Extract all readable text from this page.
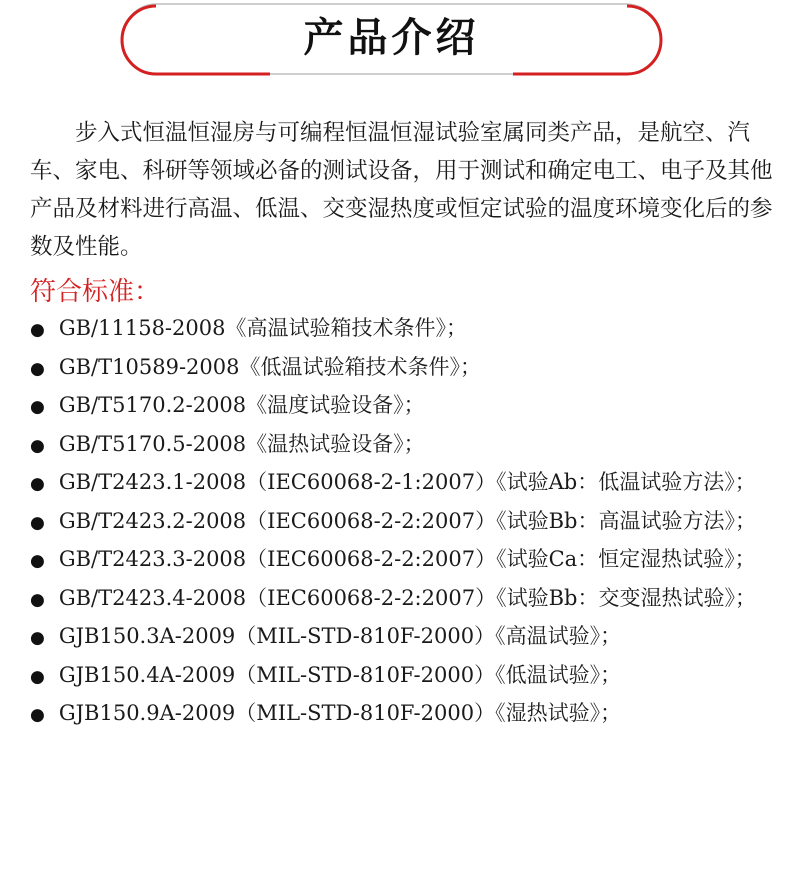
产品介绍

步入式恒温恒湿房与可编程恒温恒湿试验室属同类产品，是航空、汽车、家电、科研等领域必备的测试设备，用于测试和确定电工、电子及其他产品及材料进行高温、低温、交变湿热度或恒定试验的温度环境变化后的参数及性能。

符合标准：
● GB/11158-2008《高温试验箱技术条件》；
● GB/T10589-2008《低温试验箱技术条件》；
● GB/T5170.2-2008《温度试验设备》；
● GB/T5170.5-2008《温热试验设备》；
● GB/T2423.1-2008（IEC60068-2-1:2007）《试验Ab：低温试验方法》；
● GB/T2423.2-2008（IEC60068-2-2:2007）《试验Bb：高温试验方法》；
● GB/T2423.3-2008（IEC60068-2-2:2007）《试验Ca：恒定湿热试验》；
● GB/T2423.4-2008（IEC60068-2-2:2007）《试验Bb：交变湿热试验》；
● GJB150.3A-2009（MIL-STD-810F-2000）《高温试验》；
● GJB150.4A-2009（MIL-STD-810F-2000）《低温试验》；
● GJB150.9A-2009（MIL-STD-810F-2000）《湿热试验》；
